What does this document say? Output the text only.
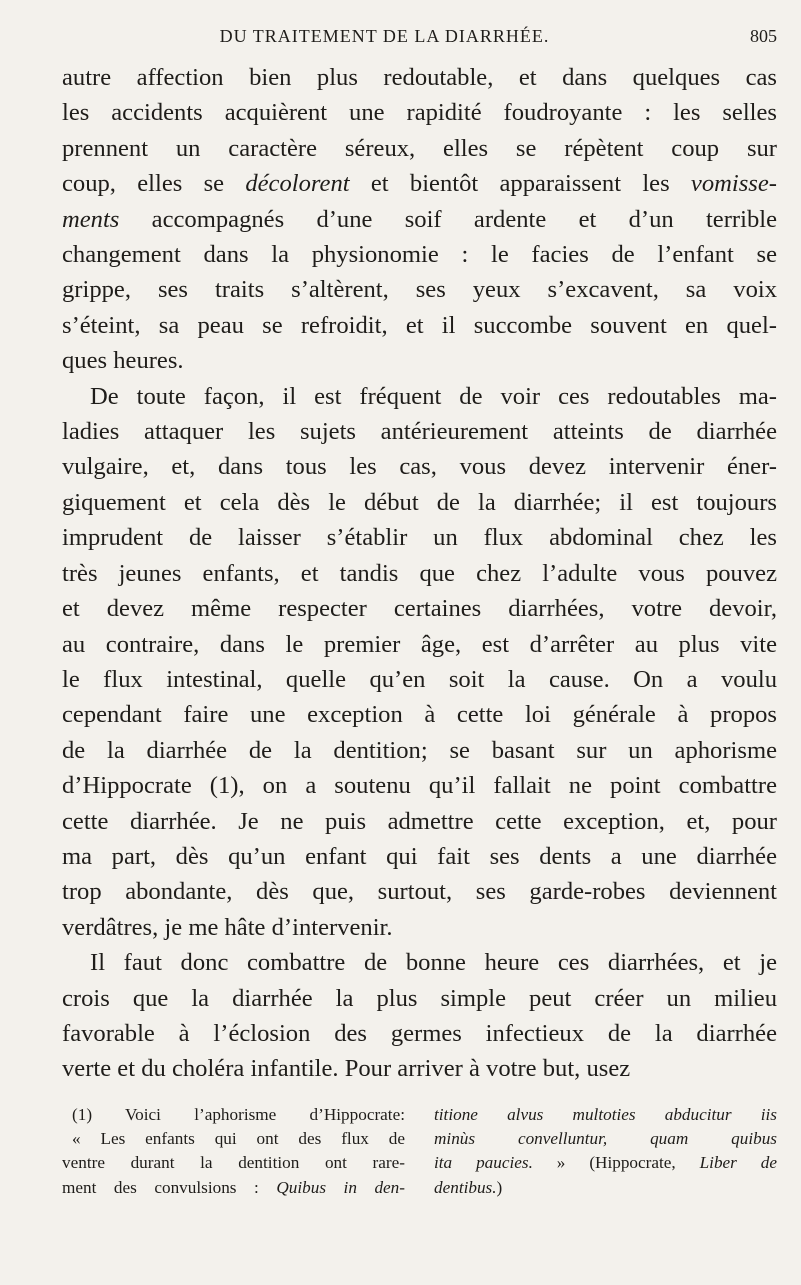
DU TRAITEMENT DE LA DIARRHÉE.	805
autre affection bien plus redoutable, et dans quelques cas
les accidents acquièrent une rapidité foudroyante : les selles
prennent un caractère séreux, elles se répètent coup sur
coup, elles se décolorent et bientôt apparaissent les vomisse-
ments accompagnés d’une soif ardente et d’un terrible
changement dans la physionomie : le facies de l’enfant se
grippe, ses traits s’altèrent, ses yeux s’excavent, sa voix
s’éteint, sa peau se refroidit, et il succombe souvent en quel-
ques heures.
De toute façon, il est fréquent de voir ces redoutables ma-
ladies attaquer les sujets antérieurement atteints de diarrhée
vulgaire, et, dans tous les cas, vous devez intervenir éner-
giquement et cela dès le début de la diarrhée; il est toujours
imprudent de laisser s’établir un flux abdominal chez les
très jeunes enfants, et tandis que chez l’adulte vous pouvez
et devez même respecter certaines diarrhées, votre devoir,
au contraire, dans le premier âge, est d’arrêter au plus vite
le flux intestinal, quelle qu’en soit la cause. On a voulu
cependant faire une exception à cette loi générale à propos
de la diarrhée de la dentition; se basant sur un aphorisme
d’Hippocrate (1), on a soutenu qu’il fallait ne point combattre
cette diarrhée. Je ne puis admettre cette exception, et, pour
ma part, dès qu’un enfant qui fait ses dents a une diarrhée
trop abondante, dès que, surtout, ses garde-robes deviennent
verdâtres, je me hâte d’intervenir.
Il faut donc combattre de bonne heure ces diarrhées, et je
crois que la diarrhée la plus simple peut créer un milieu
favorable à l’éclosion des germes infectieux de la diarrhée
verte et du choléra infantile. Pour arriver à votre but, usez
(1) Voici l’aphorisme d’Hippocrate:
« Les enfants qui ont des flux de
ventre durant la dentition ont rare-
ment des convulsions : Quibus in den-
titione alvus multoties abducitur iis
minùs convelluntur, quam quibus
ita paucies. » (Hippocrate, Liber de
dentibus.)
